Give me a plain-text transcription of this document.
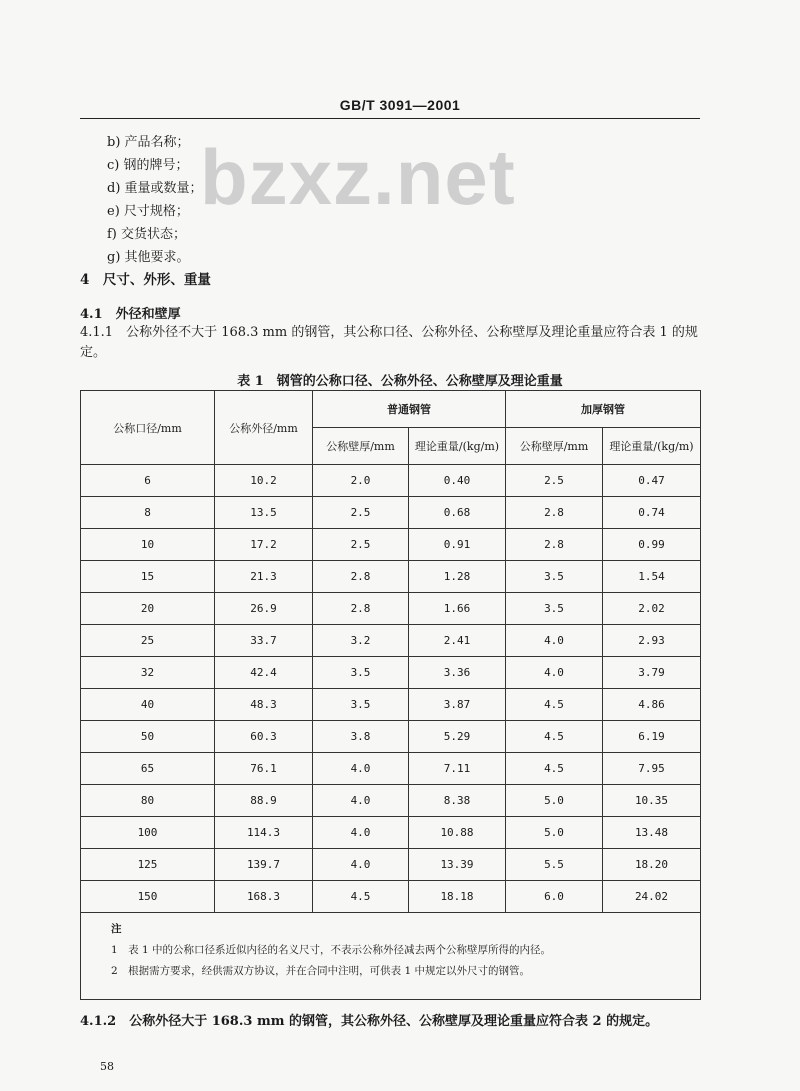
bzxz.net
GB/T 3091—2001
b) 产品名称；
c) 钢的牌号；
d) 重量或数量；
e) 尺寸规格；
f) 交货状态；
g) 其他要求。
4　尺寸、外形、重量
4.1　外径和壁厚
4.1.1　公称外径不大于 168.3 mm 的钢管，其公称口径、公称外径、公称壁厚及理论重量应符合表 1 的规定。
表 1　钢管的公称口径、公称外径、公称壁厚及理论重量
公称口径/mm	公称外径/mm	普通钢管		加厚钢管	
		公称壁厚/mm	理论重量/(kg/m)	公称壁厚/mm	理论重量/(kg/m)
6	10.2	2.0	0.40	2.5	0.47
8	13.5	2.5	0.68	2.8	0.74
10	17.2	2.5	0.91	2.8	0.99
15	21.3	2.8	1.28	3.5	1.54
20	26.9	2.8	1.66	3.5	2.02
25	33.7	3.2	2.41	4.0	2.93
32	42.4	3.5	3.36	4.0	3.79
40	48.3	3.5	3.87	4.5	4.86
50	60.3	3.8	5.29	4.5	6.19
65	76.1	4.0	7.11	4.5	7.95
80	88.9	4.0	8.38	5.0	10.35
100	114.3	4.0	10.88	5.0	13.48
125	139.7	4.0	13.39	5.5	18.20
150	168.3	4.5	18.18	6.0	24.02

注
1　表 1 中的公称口径系近似内径的名义尺寸，不表示公称外径减去两个公称壁厚所得的内径。
2　根据需方要求，经供需双方协议，并在合同中注明，可供表 1 中规定以外尺寸的钢管。					
4.1.2　公称外径大于 168.3 mm 的钢管，其公称外径、公称壁厚及理论重量应符合表 2 的规定。
58
